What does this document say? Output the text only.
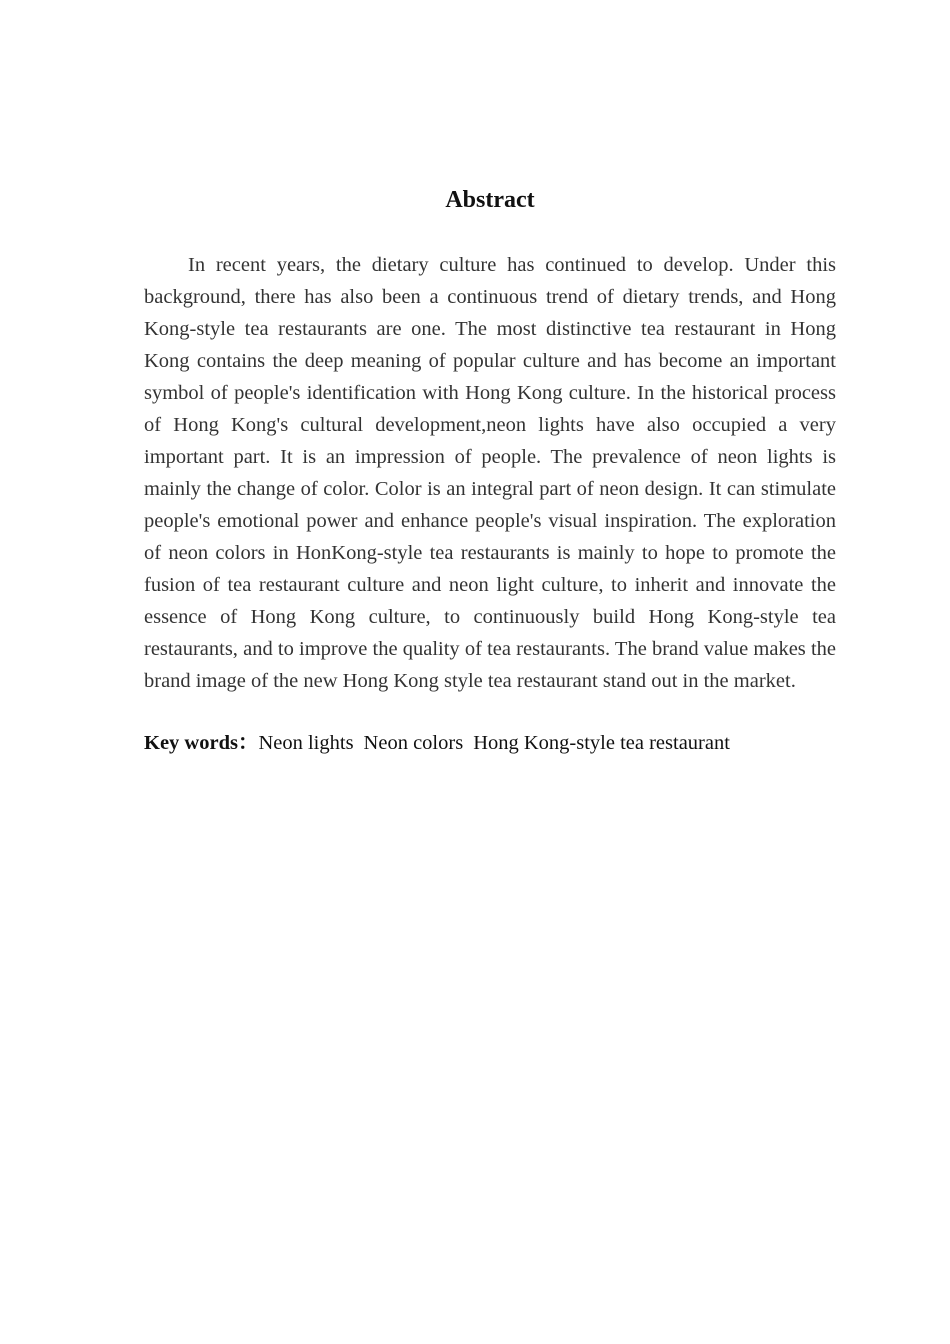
Abstract

In recent years, the dietary culture has continued to develop. Under this background, there has also been a continuous trend of dietary trends, and Hong Kong-style tea restaurants are one. The most distinctive tea restaurant in Hong Kong contains the deep meaning of popular culture and has become an important symbol of people's identification with Hong Kong culture. In the historical process of Hong Kong's cultural development,neon lights have also occupied a very important part. It is an impression of people. The prevalence of neon lights is mainly the change of color. Color is an integral part of neon design. It can stimulate people's emotional power and enhance people's visual inspiration. The exploration of neon colors in HonKong-style tea restaurants is mainly to hope to promote the fusion of tea restaurant culture and neon light culture, to inherit and innovate the essence of Hong Kong culture, to continuously build Hong Kong-style tea restaurants, and to improve the quality of tea restaurants. The brand value makes the brand image of the new Hong Kong style tea restaurant stand out in the market.

Key words：Neon lights Neon colors Hong Kong-style tea restaurant
